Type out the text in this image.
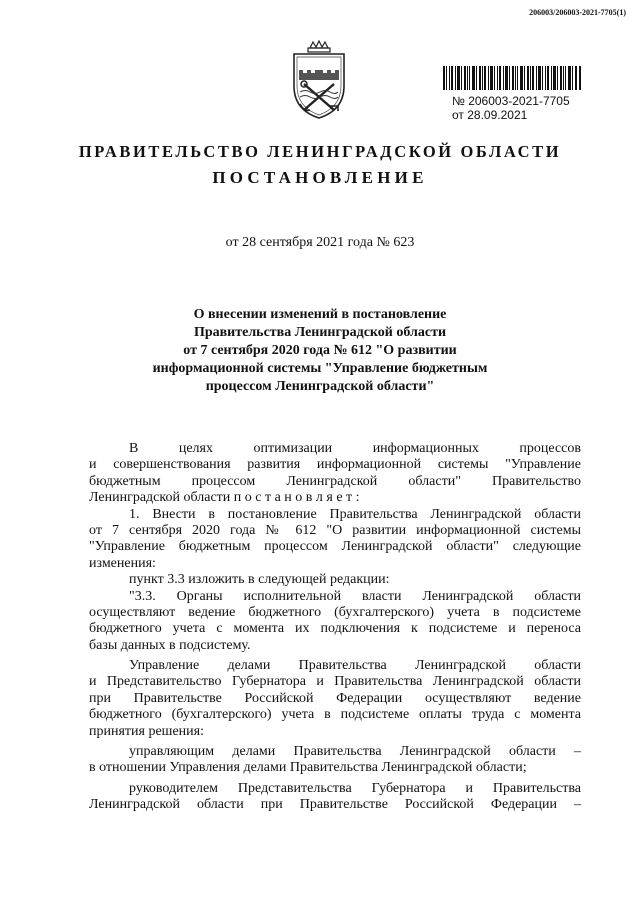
206003/206003-2021-7705(1)
№ 206003-2021-7705
от 28.09.2021
ПРАВИТЕЛЬСТВО ЛЕНИНГРАДСКОЙ ОБЛАСТИ
ПОСТАНОВЛЕНИЕ
от 28 сентября 2021 года № 623
О внесении изменений в постановление
Правительства Ленинградской области
от 7 сентября 2020 года № 612 "О развитии
информационной системы "Управление бюджетным
процессом Ленинградской области"
В целях оптимизации информационных процессов
и совершенствования развития информационной системы "Управление
бюджетным процессом Ленинградской области" Правительство
Ленинградской области п о с т а н о в л я е т :
1. Внести в постановление Правительства Ленинградской области
от 7 сентября 2020 года № 612 "О развитии информационной системы
"Управление бюджетным процессом Ленинградской области" следующие
изменения:
пункт 3.3 изложить в следующей редакции:
"3.3. Органы исполнительной власти Ленинградской области
осуществляют ведение бюджетного (бухгалтерского) учета в подсистеме
бюджетного учета с момента их подключения к подсистеме и переноса
базы данных в подсистему.
Управление делами Правительства Ленинградской области
и Представительство Губернатора и Правительства Ленинградской области
при Правительстве Российской Федерации осуществляют ведение
бюджетного (бухгалтерского) учета в подсистеме оплаты труда с момента
принятия решения:
управляющим делами Правительства Ленинградской области –
в отношении Управления делами Правительства Ленинградской области;
руководителем Представительства Губернатора и Правительства
Ленинградской области при Правительстве Российской Федерации –
